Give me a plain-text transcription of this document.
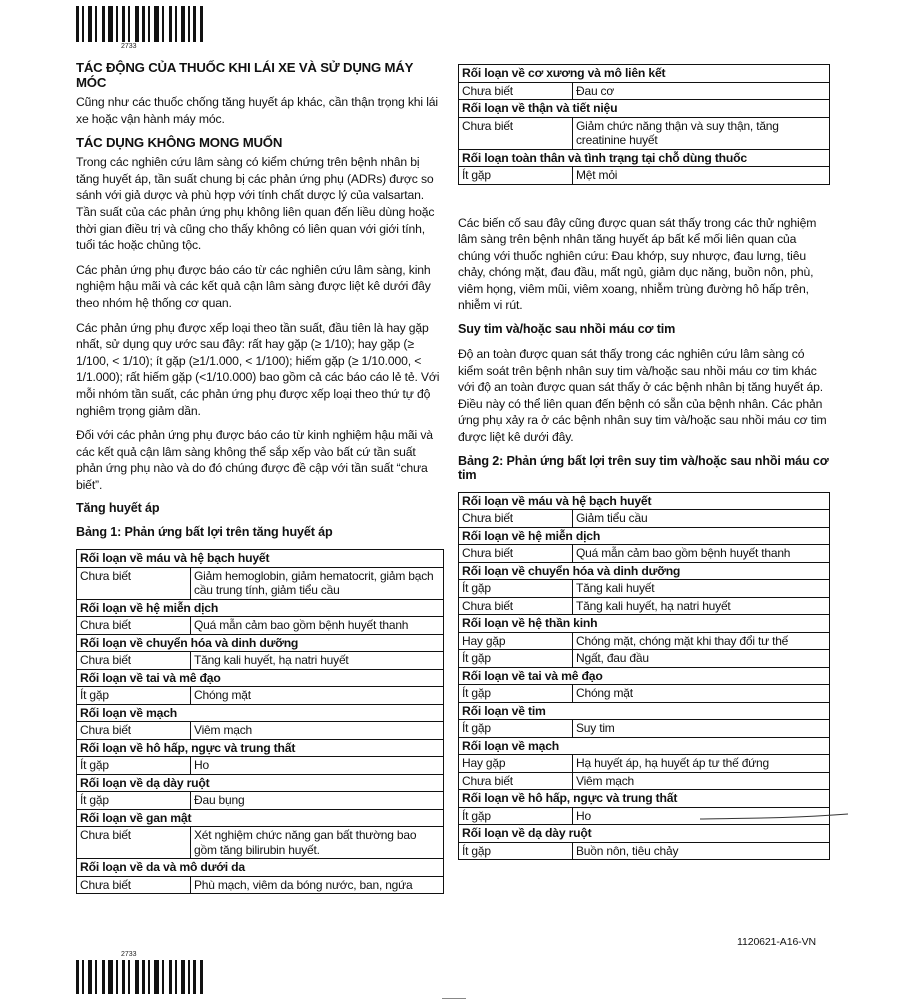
2733
TÁC ĐỘNG CỦA THUỐC KHI LÁI XE VÀ SỬ DỤNG MÁY MÓC
Cũng như các thuốc chống tăng huyết áp khác, cần thận trọng khi lái xe hoặc vận hành máy móc.
TÁC DỤNG KHÔNG MONG MUỐN
Trong các nghiên cứu lâm sàng có kiểm chứng trên bệnh nhân bị tăng huyết áp, tần suất chung bị các phản ứng phụ (ADRs) được so sánh với giả dược và phù hợp với tính chất dược lý của valsartan. Tần suất của các phản ứng phụ không liên quan đến liều dùng hoặc thời gian điều trị và cũng cho thấy không có liên quan với giới tính, tuổi tác hoặc chủng tộc.
Các phản ứng phụ được báo cáo từ các nghiên cứu lâm sàng, kinh nghiệm hậu mãi và các kết quả cận lâm sàng được liệt kê dưới đây theo nhóm hệ thống cơ quan.
Các phản ứng phụ được xếp loại theo tần suất, đầu tiên là hay gặp nhất, sử dụng quy ước sau đây: rất hay gặp (≥ 1/10); hay gặp (≥ 1/100, < 1/10); ít gặp (≥1/1.000, < 1/100); hiếm gặp (≥ 1/10.000, < 1/1.000); rất hiếm gặp (<1/10.000) bao gồm cả các báo cáo lẻ tẻ. Với mỗi nhóm tần suất, các phản ứng phụ được xếp loại theo thứ tự độ nghiêm trọng giảm dần.
Đối với các phản ứng phụ được báo cáo từ kinh nghiệm hậu mãi và các kết quả cận lâm sàng không thể sắp xếp vào bất cứ tần suất phản ứng phụ nào và do đó chúng được đề cập với tần suất “chưa biết”.
Tăng huyết áp
Bảng 1: Phản ứng bất lợi trên tăng huyết áp
Rối loạn về máu và hệ bạch huyết	
Chưa biết	Giảm hemoglobin, giảm hematocrit, giảm bạch cầu trung tính, giảm tiểu cầu
Rối loạn về hệ miễn dịch	
Chưa biết	Quá mẫn cảm bao gồm bệnh huyết thanh
Rối loạn về chuyển hóa và dinh dưỡng	
Chưa biết	Tăng kali huyết, hạ natri huyết
Rối loạn về tai và mê đạo	
Ít gặp	Chóng mặt
Rối loạn về mạch	
Chưa biết	Viêm mạch
Rối loạn về hô hấp, ngực và trung thất	
Ít gặp	Ho
Rối loạn về dạ dày ruột	
Ít gặp	Đau bụng
Rối loạn về gan mật	
Chưa biết	Xét nghiệm chức năng gan bất thường bao gồm tăng bilirubin huyết.
Rối loạn về da và mô dưới da	
Chưa biết	Phù mạch, viêm da bóng nước, ban, ngứa
Rối loạn về cơ xương và mô liên kết	
Chưa biết	Đau cơ
Rối loạn về thận và tiết niệu	
Chưa biết	Giảm chức năng thận và suy thận, tăng creatinine huyết
Rối loạn toàn thân và tình trạng tại chỗ dùng thuốc	
Ít gặp	Mệt mỏi
Các biến cố sau đây cũng được quan sát thấy trong các thử nghiệm lâm sàng trên bệnh nhân tăng huyết áp bất kể mối liên quan của chúng với thuốc nghiên cứu: Đau khớp, suy nhược, đau lưng, tiêu chảy, chóng mặt, đau đầu, mất ngủ, giảm dục năng, buồn nôn, phù, viêm họng, viêm mũi, viêm xoang, nhiễm trùng đường hô hấp trên, nhiễm vi rút.
Suy tim và/hoặc sau nhồi máu cơ tim
Độ an toàn được quan sát thấy trong các nghiên cứu lâm sàng có kiểm soát trên bệnh nhân suy tim và/hoặc sau nhồi máu cơ tim khác với độ an toàn được quan sát thấy ở các bệnh nhân bị tăng huyết áp. Điều này có thể liên quan đến bệnh có sẵn của bệnh nhân. Các phản ứng phụ xảy ra ở các bệnh nhân suy tim và/hoặc sau nhồi máu cơ tim được liệt kê dưới đây.
Bảng 2: Phản ứng bất lợi trên suy tim và/hoặc sau nhồi máu cơ tim
Rối loạn về máu và hệ bạch huyết	
Chưa biết	Giảm tiểu cầu
Rối loạn về hệ miễn dịch	
Chưa biết	Quá mẫn cảm bao gồm bệnh huyết thanh
Rối loạn về chuyển hóa và dinh dưỡng	
Ít gặp	Tăng kali huyết
Chưa biết	Tăng kali huyết, hạ natri huyết
Rối loạn về hệ thần kinh	
Hay gặp	Chóng mặt, chóng mặt khi thay đổi tư thế
Ít gặp	Ngất, đau đầu
Rối loạn về tai và mê đạo	
Ít gặp	Chóng mặt
Rối loạn về tim	
Ít gặp	Suy tim
Rối loạn về mạch	
Hay gặp	Hạ huyết áp, hạ huyết áp tư thế đứng
Chưa biết	Viêm mạch
Rối loạn về hô hấp, ngực và trung thất	
Ít gặp	Ho
Rối loạn về dạ dày ruột	
Ít gặp	Buồn nôn, tiêu chảy
1120621-A16-VN
2733
